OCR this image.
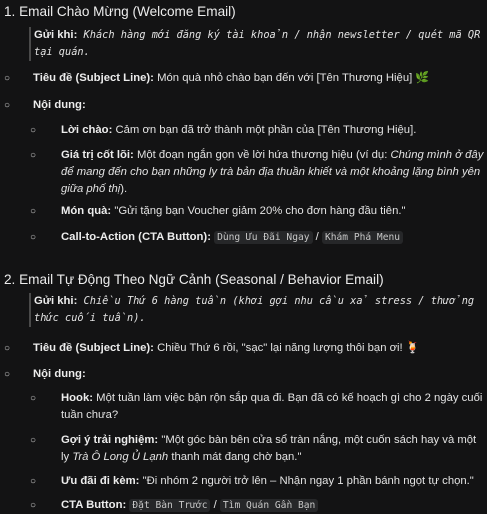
1. Email Chào Mừng (Welcome Email)
Gửi khi: Khách hàng mới đăng ký tài khoản / nhận newsletter / quét mã QR tại quán.
○ Tiêu đề (Subject Line): Món quà nhỏ chào bạn đến với [Tên Thương Hiệu] 🌿
○ Nội dung:
○ Lời chào: Cảm ơn bạn đã trở thành một phần của [Tên Thương Hiệu].
○ Giá trị cốt lõi: Một đoạn ngắn gọn về lời hứa thương hiệu (ví dụ: Chúng mình ở đây để mang đến cho bạn những ly trà bản địa thuần khiết và một khoảng lặng bình yên giữa phố thị).
○ Món quà: "Gửi tặng bạn Voucher giảm 20% cho đơn hàng đầu tiên."
○ Call-to-Action (CTA Button): Dùng Ưu Đãi Ngay / Khám Phá Menu
2. Email Tự Động Theo Ngữ Cảnh (Seasonal / Behavior Email)
Gửi khi: Chiều Thứ 6 hàng tuần (khơi gợi nhu cầu xả stress / thưởng thức cuối tuần).
○ Tiêu đề (Subject Line): Chiều Thứ 6 rồi, "sạc" lại năng lượng thôi bạn ơi! 🍹
○ Nội dung:
○ Hook: Một tuần làm việc bận rộn sắp qua đi. Bạn đã có kế hoạch gì cho 2 ngày cuối tuần chưa?
○ Gợi ý trải nghiệm: "Một góc bàn bên cửa sổ tràn nắng, một cuốn sách hay và một ly Trà Ô Long Ủ Lạnh thanh mát đang chờ bạn."
○ Ưu đãi đi kèm: "Đi nhóm 2 người trở lên – Nhận ngay 1 phần bánh ngọt tự chọn."
○ CTA Button: Đặt Bàn Trước / Tìm Quán Gần Bạn
